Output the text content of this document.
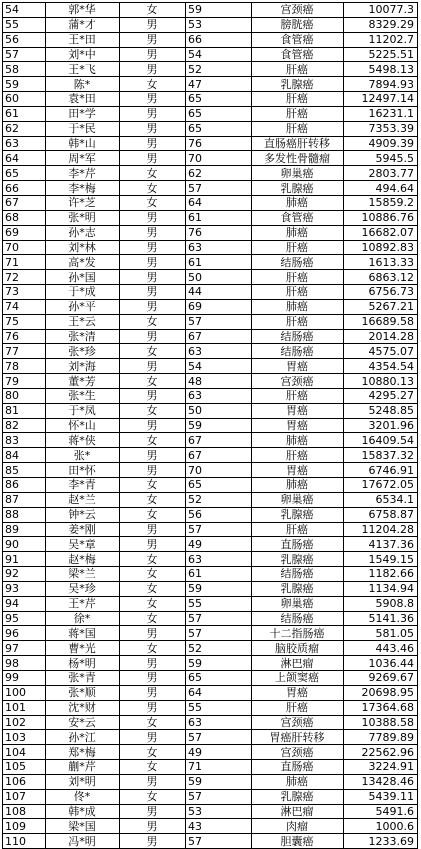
54	郭*华	女	59	宫颈癌	10077.3
55	蒲*才	男	53	膀胱癌	8329.29
56	王*田	男	66	食管癌	11202.7
57	刘*中	男	54	食管癌	5225.51
58	王*飞	男	52	肝癌	5498.13
59	陈*	女	47	乳腺癌	7894.93
60	袁*田	男	65	肝癌	12497.14
61	田*学	男	65	肝癌	16231.1
62	于*民	男	65	肝癌	7353.39
63	韩*山	男	76	直肠癌肝转移	4909.39
64	周*军	男	70	多发性骨髓瘤	5945.5
65	李*芹	女	62	卵巢癌	2803.77
66	李*梅	女	57	乳腺癌	494.64
67	许*芝	女	64	肺癌	15859.2
68	张*明	男	61	食管癌	10886.76
69	孙*志	男	76	肺癌	16682.07
70	刘*林	男	63	肝癌	10892.83
71	高*发	男	61	结肠癌	1613.33
72	孙*国	男	50	肝癌	6863.12
73	于*成	男	44	肝癌	6756.73
74	孙*平	男	69	肺癌	5267.21
75	王*云	女	57	肝癌	16689.58
76	张*清	男	67	结肠癌	2014.28
77	张*珍	女	63	结肠癌	4575.07
78	刘*海	男	54	胃癌	4354.54
79	董*芳	女	48	宫颈癌	10880.13
80	张*生	男	63	肝癌	4295.27
81	于*凤	女	50	胃癌	5248.85
82	怀*山	男	59	胃癌	3201.96
83	蒋*侠	女	67	肺癌	16409.54
84	张*	男	67	肝癌	15837.32
85	田*怀	男	70	胃癌	6746.91
86	李*青	女	65	肺癌	17672.05
87	赵*兰	女	52	卵巢癌	6534.1
88	钟*云	女	56	乳腺癌	6758.87
89	姜*刚	男	57	肝癌	11204.28
90	吴*章	男	49	直肠癌	4137.36
91	赵*梅	女	63	乳腺癌	1549.15
92	梁*兰	女	61	结肠癌	1182.66
93	吴*珍	女	59	乳腺癌	1134.94
94	王*芹	女	55	卵巢癌	5908.8
95	徐*	女	57	结肠癌	5141.36
96	蒋*国	男	57	十二指肠癌	581.05
97	曹*光	女	52	脑胶质瘤	443.46
98	杨*明	男	59	淋巴瘤	1036.44
99	张*青	男	65	上颌窦癌	9269.67
100	张*顺	男	64	胃癌	20698.95
101	沈*财	男	55	肝癌	17364.68
102	安*云	女	63	宫颈癌	10388.58
103	孙*江	男	57	胃癌肝转移	7789.89
104	郑*梅	女	49	宫颈癌	22562.96
105	蒯*芹	女	71	直肠癌	3224.91
106	刘*明	男	59	肺癌	13428.46
107	佟*	女	57	乳腺癌	5439.11
108	韩*成	男	53	淋巴瘤	5491.6
109	梁*国	男	43	肉瘤	1000.6
110	冯*明	男	57	胆囊癌	1233.69
